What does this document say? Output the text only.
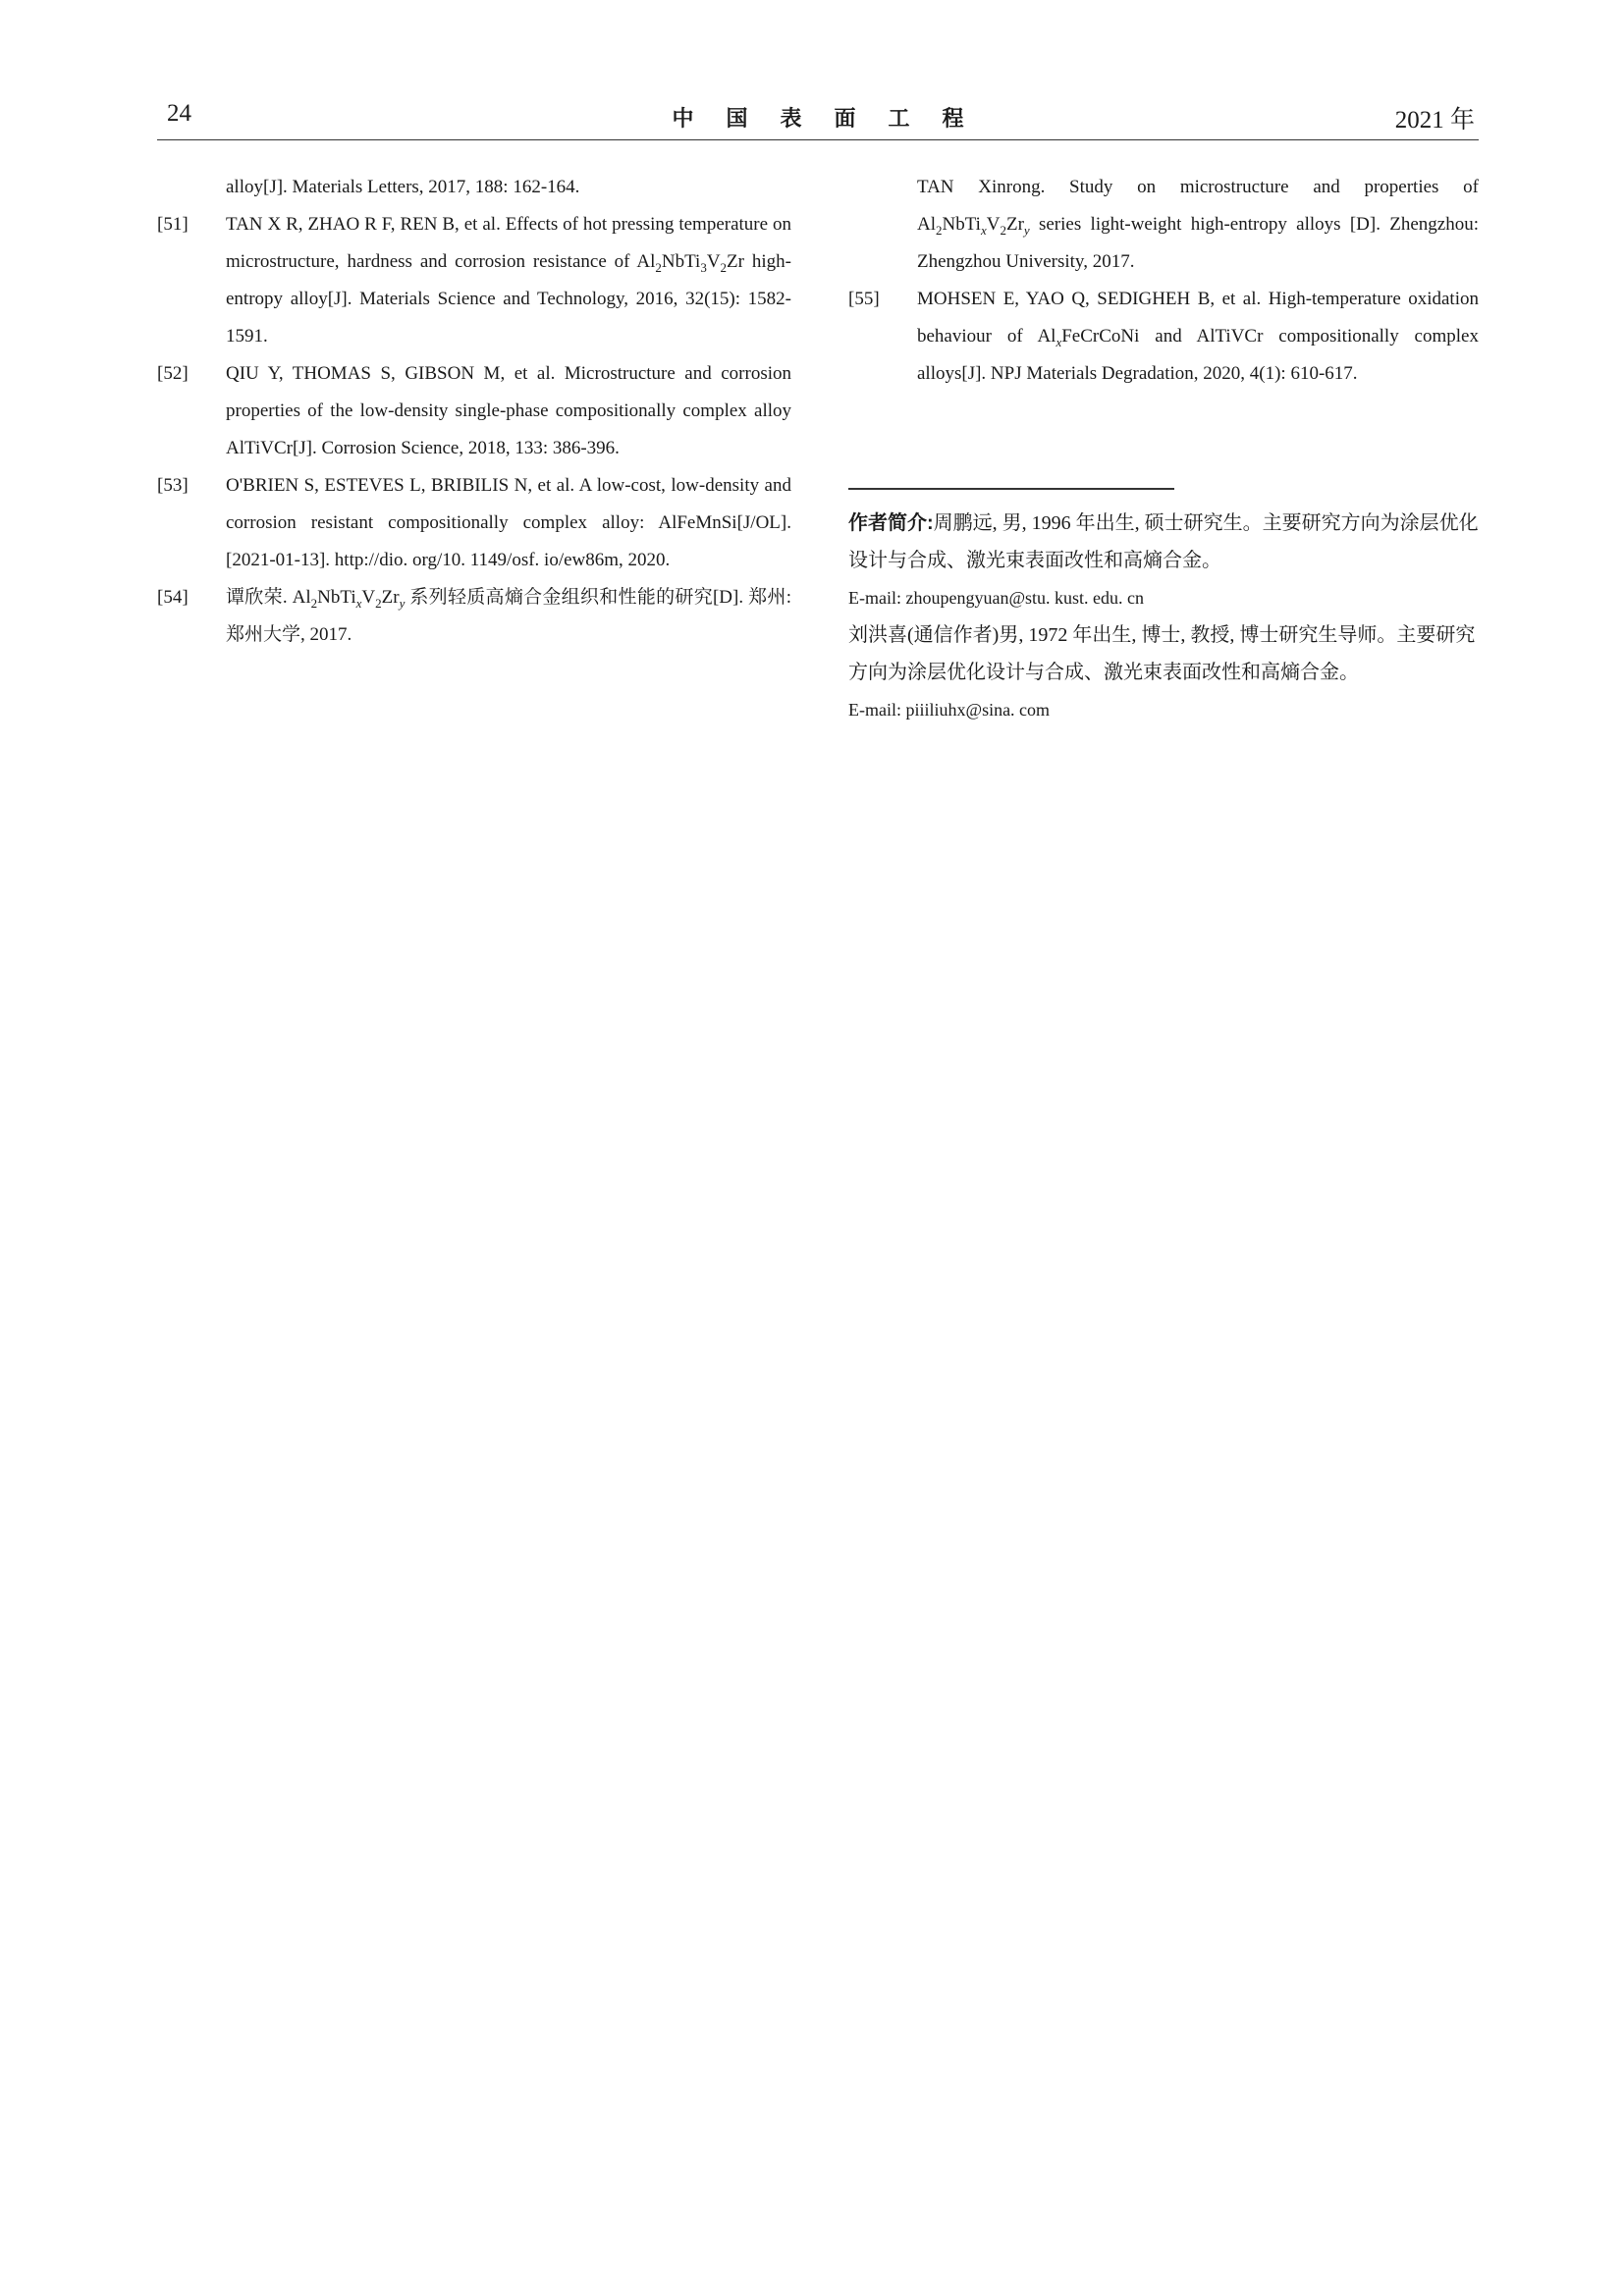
24	中国表面工程	2021 年
alloy[J]. Materials Letters, 2017, 188: 162-164.
[51] TAN X R, ZHAO R F, REN B, et al. Effects of hot pressing temperature on microstructure, hardness and corrosion resistance of $Al_2NbTi_3V_2Zr$ high-entropy alloy[J]. Materials Science and Technology, 2016, 32(15): 1582-1591.
[52] QIU Y, THOMAS S, GIBSON M, et al. Microstructure and corrosion properties of the low-density single-phase compositionally complex alloy AlTiVCr[J]. Corrosion Science, 2018, 133: 386-396.
[53] O'BRIEN S, ESTEVES L, BRIBILIS N, et al. A low-cost, low-density and corrosion resistant compositionally complex alloy: AlFeMnSi[J/OL]. [2021-01-13]. http://dio. org/10. 1149/osf. io/ew86m, 2020.
[54] 谭欣荣. $Al_2NbTi_xV_2Zr_y$ 系列轻质高熵合金组织和性能的研究[D]. 郑州: 郑州大学, 2017.
TAN Xinrong. Study on microstructure and properties of
$Al_2NbTi_xV_2Zr_y$ series light-weight high-entropy alloys [D]. Zhengzhou: Zhengzhou University, 2017.
[55] MOHSEN E, YAO Q, SEDIGHEH B, et al. High-temperature oxidation behaviour of $Al_xFeCrCoNi$ and AlTiVCr compositionally complex alloys[J]. NPJ Materials Degradation, 2020, 4(1): 610-617.
作者简介:周鹏远, 男, 1996 年出生, 硕士研究生。主要研究方向为涂层优化设计与合成、激光束表面改性和高熵合金。
E-mail: zhoupengyuan@stu. kust. edu. cn
刘洪喜(通信作者)男, 1972 年出生, 博士, 教授, 博士研究生导师。主要研究方向为涂层优化设计与合成、激光束表面改性和高熵合金。
E-mail: piiiliuhx@sina. com
